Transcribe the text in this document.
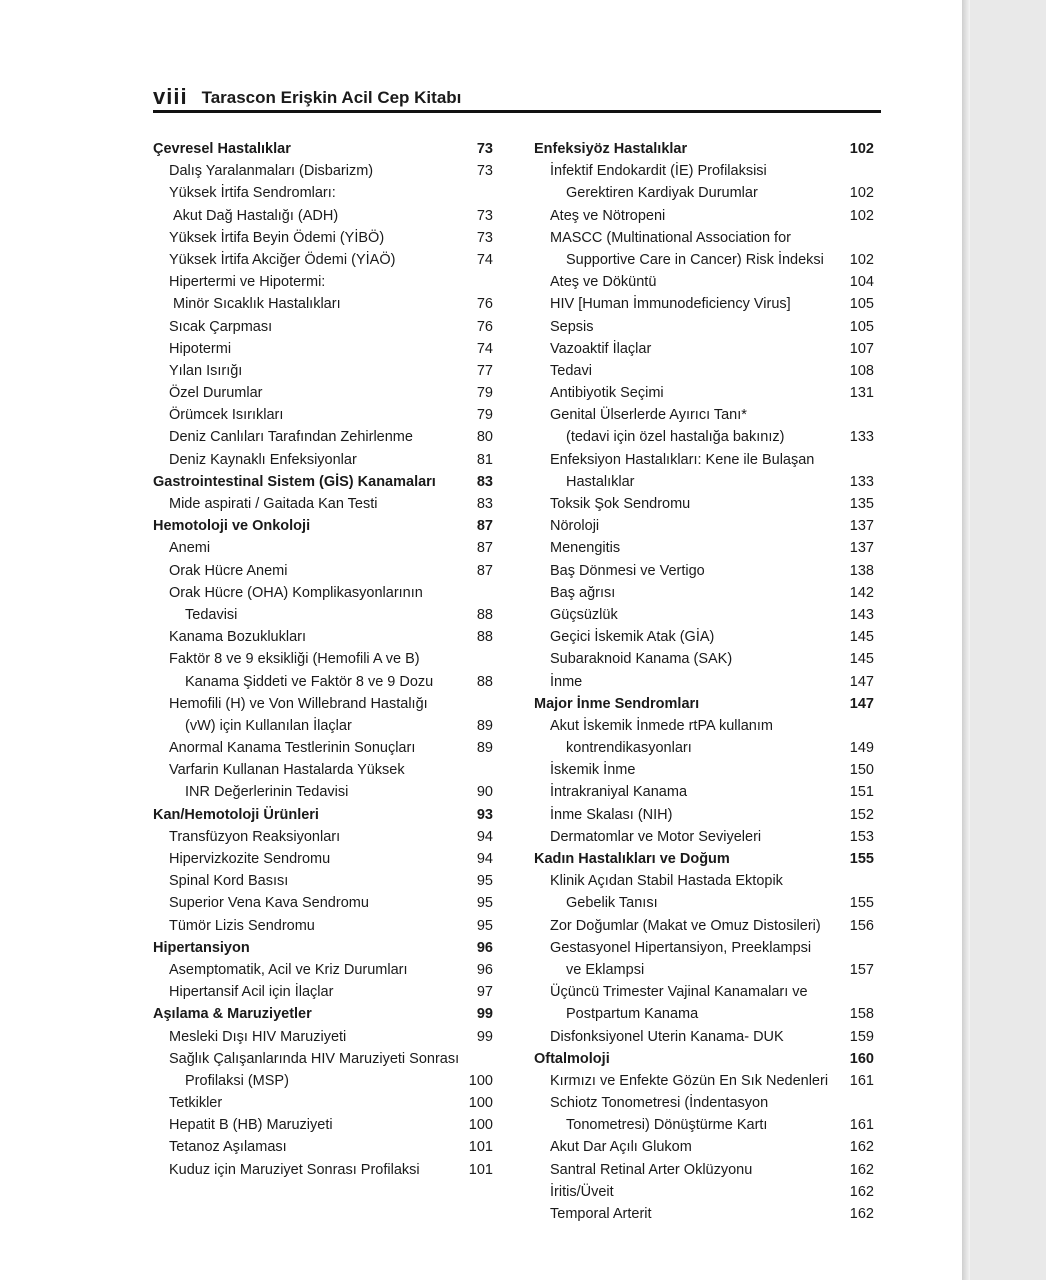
viii Tarascon Erişkin Acil Cep Kitabı
Çevresel Hastalıklar	73
Dalış Yaralanmaları (Disbarizm)	73
Yüksek İrtifa Sendromları:
Akut Dağ Hastalığı (ADH)	73
Yüksek İrtifa Beyin Ödemi (YİBÖ)	73
Yüksek İrtifa Akciğer Ödemi (YİAÖ)	74
Hipertermi ve Hipotermi:
Minör Sıcaklık Hastalıkları	76
Sıcak Çarpması	76
Hipotermi	74
Yılan Isırığı	77
Özel Durumlar	79
Örümcek Isırıkları	79
Deniz Canlıları Tarafından Zehirlenme	80
Deniz Kaynaklı Enfeksiyonlar	81
Gastrointestinal Sistem (GİS) Kanamaları	83
Mide aspirati / Gaitada Kan Testi	83
Hemotoloji ve Onkoloji	87
Anemi	87
Orak Hücre Anemi	87
Orak Hücre (OHA) Komplikasyonlarının
Tedavisi	88
Kanama Bozuklukları	88
Faktör 8 ve 9 eksikliği (Hemofili A ve B)
Kanama Şiddeti ve Faktör 8 ve 9 Dozu	88
Hemofili (H) ve Von Willebrand Hastalığı
(vW) için Kullanılan İlaçlar	89
Anormal Kanama Testlerinin Sonuçları	89
Varfarin Kullanan Hastalarda Yüksek
INR Değerlerinin Tedavisi	90
Kan/Hemotoloji Ürünleri	93
Transfüzyon Reaksiyonları	94
Hipervizkozite Sendromu	94
Spinal Kord Basısı	95
Superior Vena Kava Sendromu	95
Tümör Lizis Sendromu	95
Hipertansiyon	96
Asemptomatik, Acil ve Kriz Durumları	96
Hipertansif Acil için İlaçlar	97
Aşılama & Maruziyetler	99
Mesleki Dışı HIV Maruziyeti	99
Sağlık Çalışanlarında HIV Maruziyeti Sonrası
Profilaksi (MSP)	100
Tetkikler	100
Hepatit B (HB) Maruziyeti	100
Tetanoz Aşılaması	101
Kuduz için Maruziyet Sonrası Profilaksi	101
Enfeksiyöz Hastalıklar	102
İnfektif Endokardit (İE) Profilaksisi
Gerektiren Kardiyak Durumlar	102
Ateş ve Nötropeni	102
MASCC (Multinational Association for
Supportive Care in Cancer) Risk İndeksi 102
Ateş ve Döküntü	104
HIV [Human İmmunodeficiency Virus]	105
Sepsis	105
Vazoaktif İlaçlar	107
Tedavi	108
Antibiyotik Seçimi	131
Genital Ülserlerde Ayırıcı Tanı*
(tedavi için özel hastalığa bakınız)	133
Enfeksiyon Hastalıkları: Kene ile Bulaşan
Hastalıklar	133
Toksik Şok Sendromu	135
Nöroloji	137
Menengitis	137
Baş Dönmesi ve Vertigo	138
Baş ağrısı	142
Güçsüzlük	143
Geçici İskemik Atak (GİA)	145
Subaraknoid Kanama (SAK)	145
İnme	147
Major İnme Sendromları	147
Akut İskemik İnmede rtPA kullanım
kontrendikasyonları	149
İskemik İnme	150
İntrakraniyal Kanama	151
İnme Skalası (NIH)	152
Dermatomlar ve Motor Seviyeleri	153
Kadın Hastalıkları ve Doğum	155
Klinik Açıdan Stabil Hastada Ektopik
Gebelik Tanısı	155
Zor Doğumlar (Makat ve Omuz Distosileri) 156
Gestasyonel Hipertansiyon, Preeklampsi
ve Eklampsi	157
Üçüncü Trimester Vajinal Kanamaları ve
Postpartum Kanama	158
Disfonksiyonel Uterin Kanama- DUK	159
Oftalmoloji	160
Kırmızı ve Enfekte Gözün En Sık Nedenleri 161
Schiotz Tonometresi (İndentasyon
Tonometresi) Dönüştürme Kartı	161
Akut Dar Açılı Glukom	162
Santral Retinal Arter Oklüzyonu	162
İritis/Üveit	162
Temporal Arterit	162
